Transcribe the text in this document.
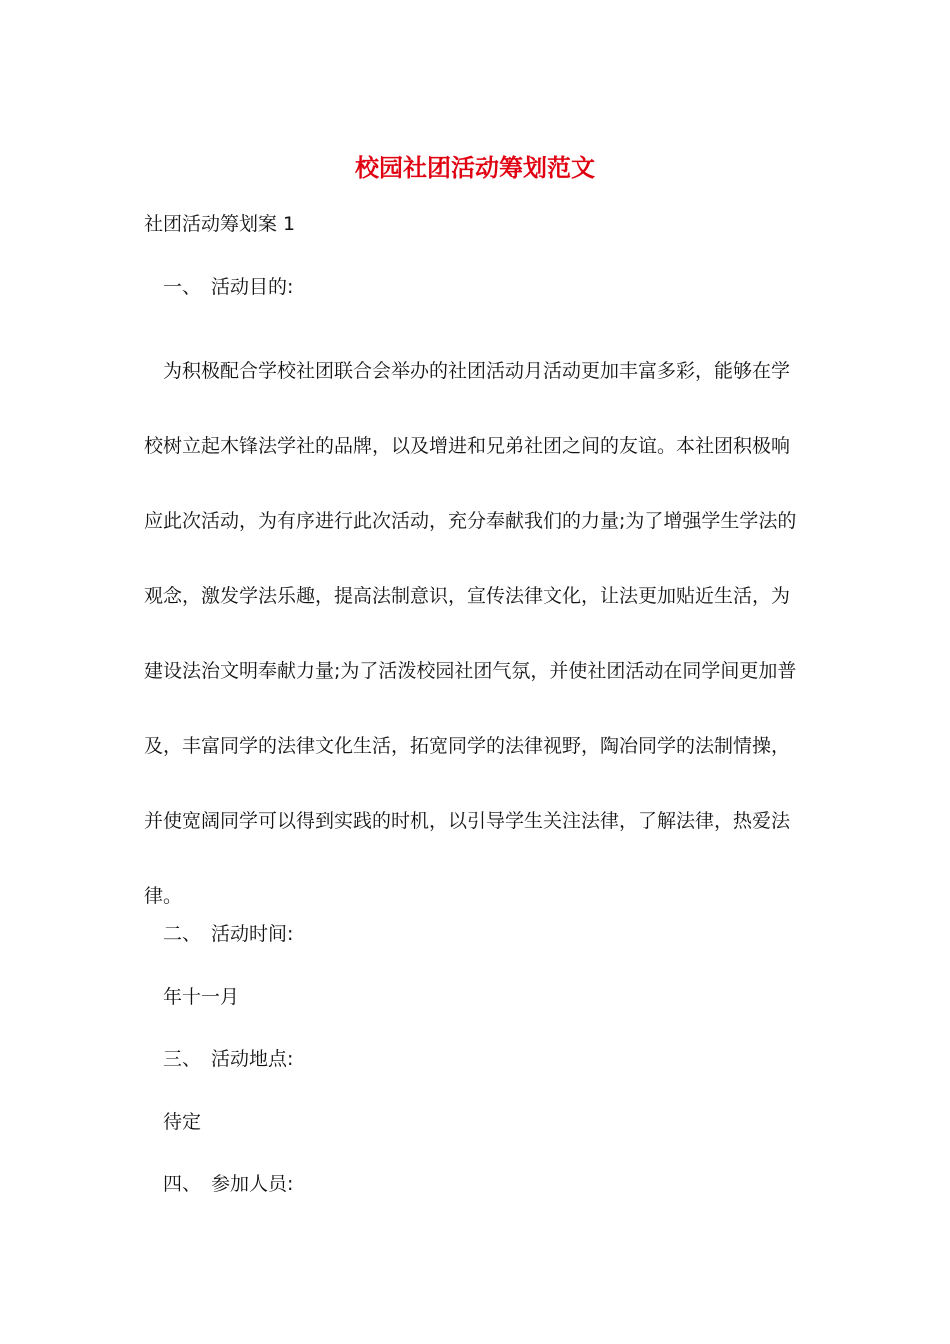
校园社团活动筹划范文
社团活动筹划案 1
一、 活动目的:
为积极配合学校社团联合会举办的社团活动月活动更加丰富多彩，能够在学
校树立起木锋法学社的品牌，以及增进和兄弟社团之间的友谊。本社团积极响
应此次活动，为有序进行此次活动，充分奉献我们的力量;为了增强学生学法的
观念，激发学法乐趣，提高法制意识，宣传法律文化，让法更加贴近生活，为
建设法治文明奉献力量;为了活泼校园社团气氛，并使社团活动在同学间更加普
及，丰富同学的法律文化生活，拓宽同学的法律视野，陶冶同学的法制情操，
并使宽阔同学可以得到实践的时机，以引导学生关注法律，了解法律，热爱法
律。
二、 活动时间:
年十一月
三、 活动地点:
待定
四、 参加人员:
